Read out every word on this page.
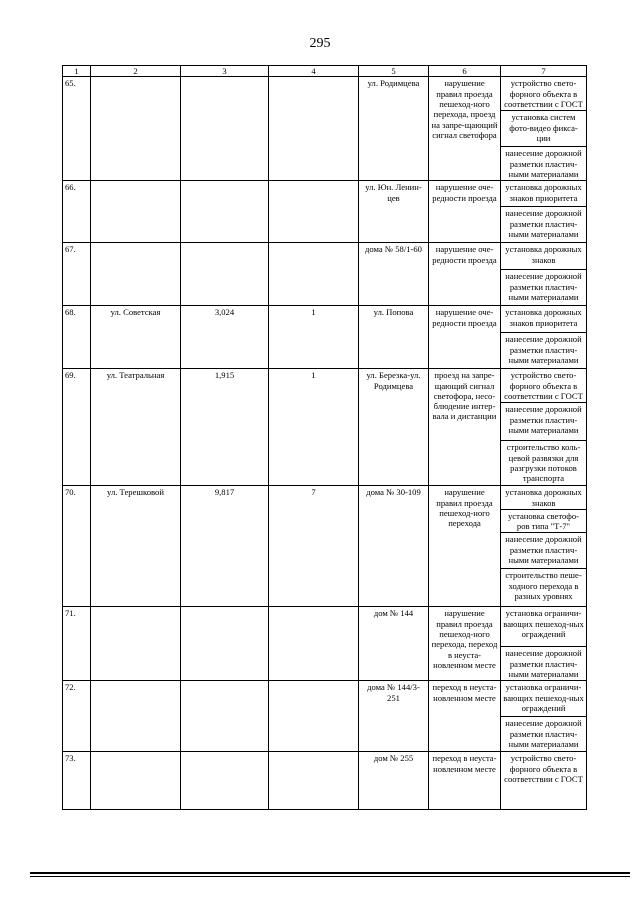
295
1	2	3	4	5	6	7
65.				ул. Родимцева	нарушение правил проезда пешеход-ного перехода, проезд на запре-щающий сигнал светофора	устройство свето-форного объекта в соответствии с ГОСТ
						установка систем фото-видео фикса-ции
						нанесение дорожной разметки пластич-ными материалами
66.				ул. Юн. Ленин-цев	нарушение оче-редности проезда	установка дорожных знаков приоритета
						нанесение дорожной разметки пластич-ными материалами
67.				дома № 58/1-60	нарушение оче-редности проезда	установка дорожных знаков
						нанесение дорожной разметки пластич-ными материалами
68.	ул. Советская	3,024	1	ул. Попова	нарушение оче-редности проезда	установка дорожных знаков приоритета
						нанесение дорожной разметки пластич-ными материалами
69.	ул. Театральная	1,915	1	ул. Березка-ул. Родимцева	проезд на запре-щающий сигнал светофора, несо-блюдение интер-вала и дистанции	устройство свето-форного объекта в соответствии с ГОСТ
						нанесение дорожной разметки пластич-ными материалами
						строительство коль-цевой развязки для разгрузки потоков транспорта
70.	ул. Терешковой	9,817	7	дома № 30-109	нарушение правил проезда пешеход-ного перехода	установка дорожных знаков
						установка светофо-ров типа "Т-7"
						нанесение дорожной разметки пластич-ными материалами
						строительство пеше-ходного перехода в разных уровнях
71.				дом № 144	нарушение правил проезда пешеход-ного перехода, переход в неуста-новленном месте	установка ограничи-вающих пешеход-ных ограждений
						нанесение дорожной разметки пластич-ными материалами
72.				дома № 144/3-251	переход в неуста-новленном месте	установка ограничи-вающих пешеход-ных ограждений
						нанесение дорожной разметки пластич-ными материалами
73.				дом № 255	переход в неуста-новленном месте	устройство свето-форного объекта в соответствии с ГОСТ
